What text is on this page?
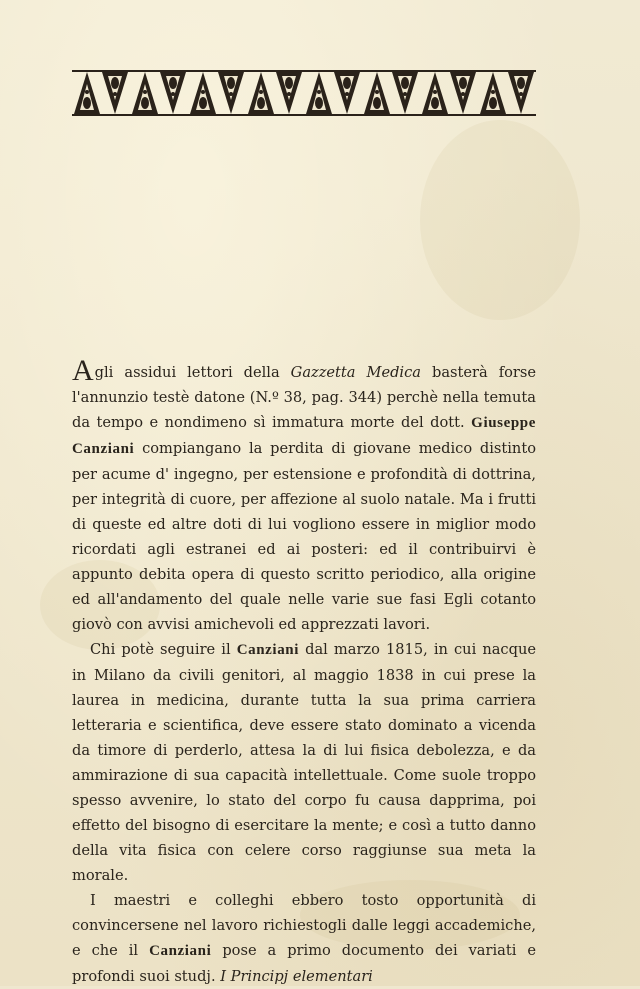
Agli assidui lettori della Gazzetta Medica basterà forse l'annunzio testè datone (N.º 38, pag. 344) perchè nella temuta da tempo e nondimeno sì immatura morte del dott. Giuseppe Canziani compiangano la perdita di giovane medico distinto per acume d' ingegno, per estensione e profondità di dottrina, per integrità di cuore, per affezione al suolo natale. Ma i frutti di queste ed altre doti di lui vogliono essere in miglior modo ricordati agli estranei ed ai posteri: ed il contribuirvi è appunto debita opera di questo scritto periodico, alla origine ed all'andamento del quale nelle varie sue fasi Egli cotanto giovò con avvisi amichevoli ed apprezzati lavori.

Chi potè seguire il Canziani dal marzo 1815, in cui nacque in Milano da civili genitori, al maggio 1838 in cui prese la laurea in medicina, durante tutta la sua prima carriera letteraria e scientifica, deve essere stato dominato a vicenda da timore di perderlo, attesa la di lui fisica debolezza, e da ammirazione di sua capacità intellettuale. Come suole troppo spesso avvenire, lo stato del corpo fu causa dapprima, poi effetto del bisogno di esercitare la mente; e così a tutto danno della vita fisica con celere corso raggiunse sua meta la morale.

I maestri e colleghi ebbero tosto opportunità di convincersene nel lavoro richiestogli dalle leggi accademiche, e che il Canziani pose a primo documento dei variati e profondi suoi studj. I Principj elementari
